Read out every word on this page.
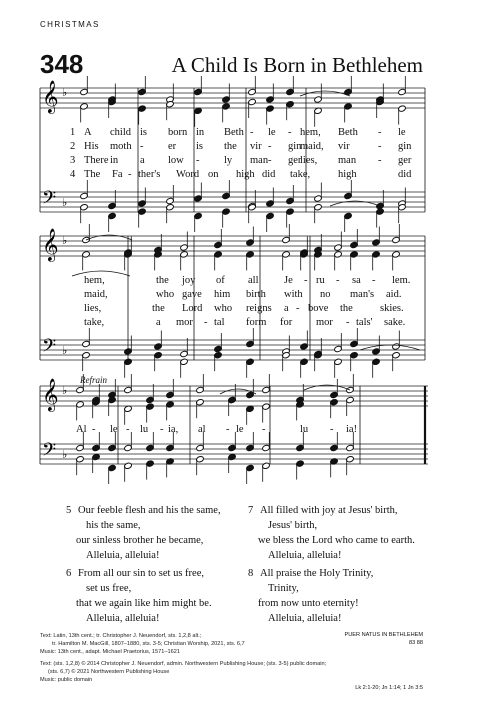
CHRISTMAS
348	A Child Is Born in Bethlehem
Refrain
𝄞
𝄢
♭
♭
𝄞
𝄢
♭
♭
𝄞
𝄢
♭
♭
1 A child is born in Beth - le - hem, Beth - le
2 His moth - er is the vir - gin
maid, vir	- gin
3 There in a low - ly man - ger
lies, man - ger
4 The Fa - ther's Word on high did take,	high	did
hem,	the joy of all Je - ru - sa - lem.
maid,	who gave him birth with no man's aid.
lies,	the Lord who reigns a - bove the	skies.
take,	a mor - tal form for mor - tals' sake.
Al - le - lu - ia, al - le -	lu - ia!
5 Our feeble flesh and his the same,
his the same,
our sinless brother he became,
Alleluia, alleluia!
6 From all our sin to set us free,
set us free,
that we again like him might be.
Alleluia, alleluia!
7 All filled with joy at Jesus' birth,
Jesus' birth,
we bless the Lord who came to earth.
Alleluia, alleluia!
8 All praise the Holy Trinity,
Trinity,
from now unto eternity!
Alleluia, alleluia!
Text: Latin, 13th cent.; tr. Christopher J. Neuendorf, sts. 1,2,8 alt.;
tr. Hamilton M. MacGill, 1807–1880, sts. 3-5; Christian Worship, 2021, sts. 6,7
Music: 13th cent., adapt. Michael Praetorius, 1571–1621
Text: (sts. 1,2,8) © 2014 Christopher J. Neuendorf, admin. Northwestern Publishing House; (sts. 3-5) public domain;
(sts. 6,7) © 2021 Northwestern Publishing House
Music: public domain
PUER NATUS IN BETHLEHEM
83 88
Lk 2:1-20; Jn 1:14; 1 Jn 3:5
